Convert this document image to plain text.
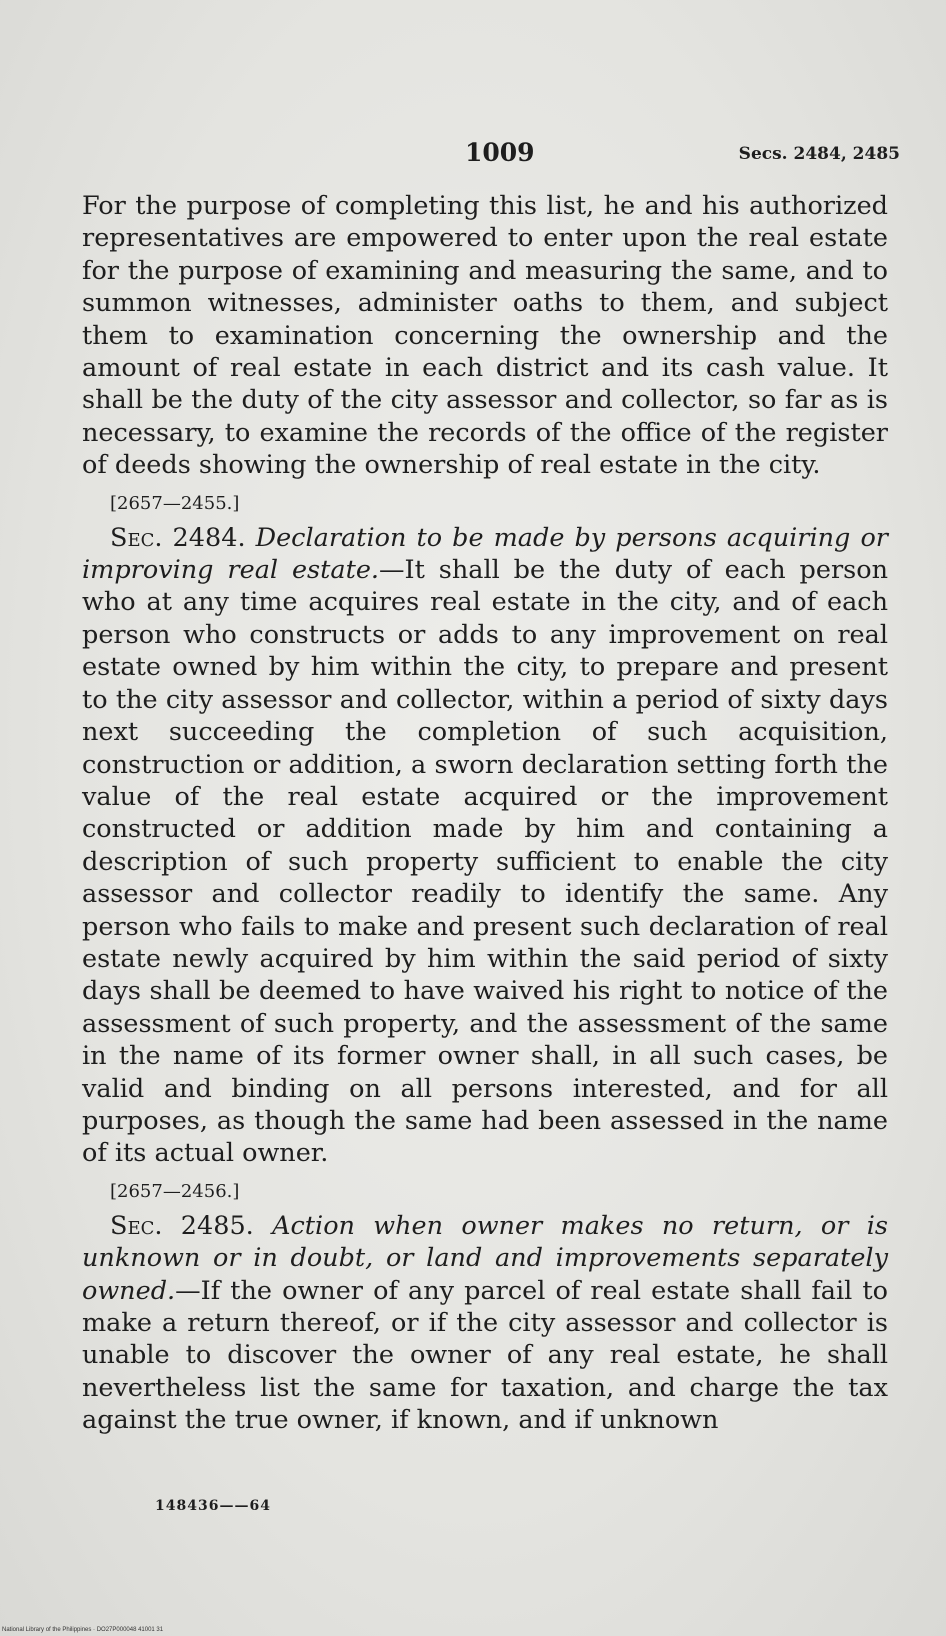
1009	Secs. 2484, 2485

For the purpose of completing this list, he and his authorized representatives are empowered to enter upon the real estate for the purpose of examining and measuring the same, and to summon witnesses, administer oaths to them, and subject them to examination concerning the ownership and the amount of real estate in each district and its cash value. It shall be the duty of the city assessor and collector, so far as is necessary, to examine the records of the office of the register of deeds showing the ownership of real estate in the city.

[2657—2455.]

Sec. 2484. Declaration to be made by persons acquiring or improving real estate.—It shall be the duty of each person who at any time acquires real estate in the city, and of each person who constructs or adds to any improvement on real estate owned by him within the city, to prepare and present to the city assessor and collector, within a period of sixty days next succeeding the completion of such acquisition, construction or addition, a sworn declaration setting forth the value of the real estate acquired or the improvement constructed or addition made by him and containing a description of such property sufficient to enable the city assessor and collector readily to identify the same. Any person who fails to make and present such declaration of real estate newly acquired by him within the said period of sixty days shall be deemed to have waived his right to notice of the assessment of such property, and the assessment of the same in the name of its former owner shall, in all such cases, be valid and binding on all persons interested, and for all purposes, as though the same had been assessed in the name of its actual owner.

[2657—2456.]

Sec. 2485. Action when owner makes no return, or is unknown or in doubt, or land and improvements separately owned.—If the owner of any parcel of real estate shall fail to make a return thereof, or if the city assessor and collector is unable to discover the owner of any real estate, he shall nevertheless list the same for taxation, and charge the tax against the true owner, if known, and if unknown

148436——64
National Library of the Philippines · DO27P000048 41001 31
